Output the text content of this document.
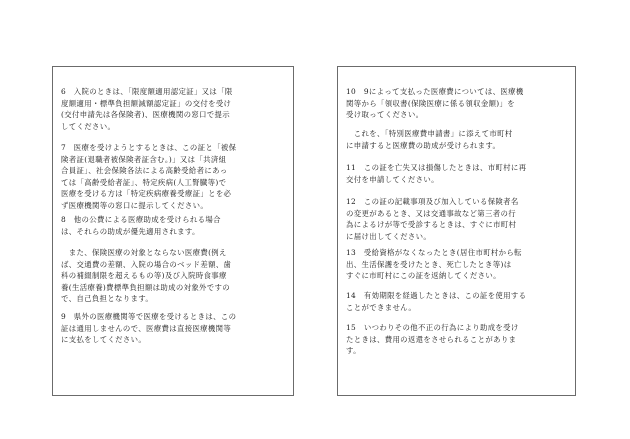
6　入院のときは、「限度額適用認定証」又は「限
度額適用・標準負担額減額認定証」の交付を受け
(交付申請先は各保険者)、医療機関の窓口で提示
してください。
7　医療を受けようとするときは、この証と「被保
険者証(退職者被保険者証含む。)」又は「共済組
合員証」、社会保険各法による高齢受給者にあっ
ては「高齢受給者証」、特定疾病(人工腎臓等)で
医療を受ける方は「特定疾病療養受療証」とを必
ず医療機関等の窓口に提示してください。
8　他の公費による医療助成を受けられる場合
は、それらの助成が優先適用されます。
　また、保険医療の対象とならない医療費(例え
ば、交通費の差額、入院の場合のベッド差額、歯
科の補綴制限を超えるもの等)及び入院時食事療
養(生活療養)費標準負担額は助成の対象外ですの
で、自己負担となります。
9　県外の医療機関等で医療を受けるときは、この
証は通用しませんので、医療費は直接医療機関等
に支払をしてください。
10　9によって支払った医療費については、医療機
関等から「領収書(保険医療に係る領収金額)」を
受け取ってください。
　これを、「特別医療費申請書」に添えて市町村
に申請すると医療費の助成が受けられます。
11　この証を亡失又は損傷したときは、市町村に再
交付を申請してください。
12　この証の記載事項及び加入している保険者名
の変更があるとき、又は交通事故など第三者の行
為によるけが等で受診するときは、すぐに市町村
に届け出してください。
13　受給資格がなくなったとき(居住市町村から転
出、生活保護を受けたとき、死亡したとき等)は
すぐに市町村にこの証を返納してください。
14　有効期限を経過したときは、この証を使用する
ことができません。
15　いつわりその他不正の行為により助成を受け
たときは、費用の返還をさせられることがありま
す。
